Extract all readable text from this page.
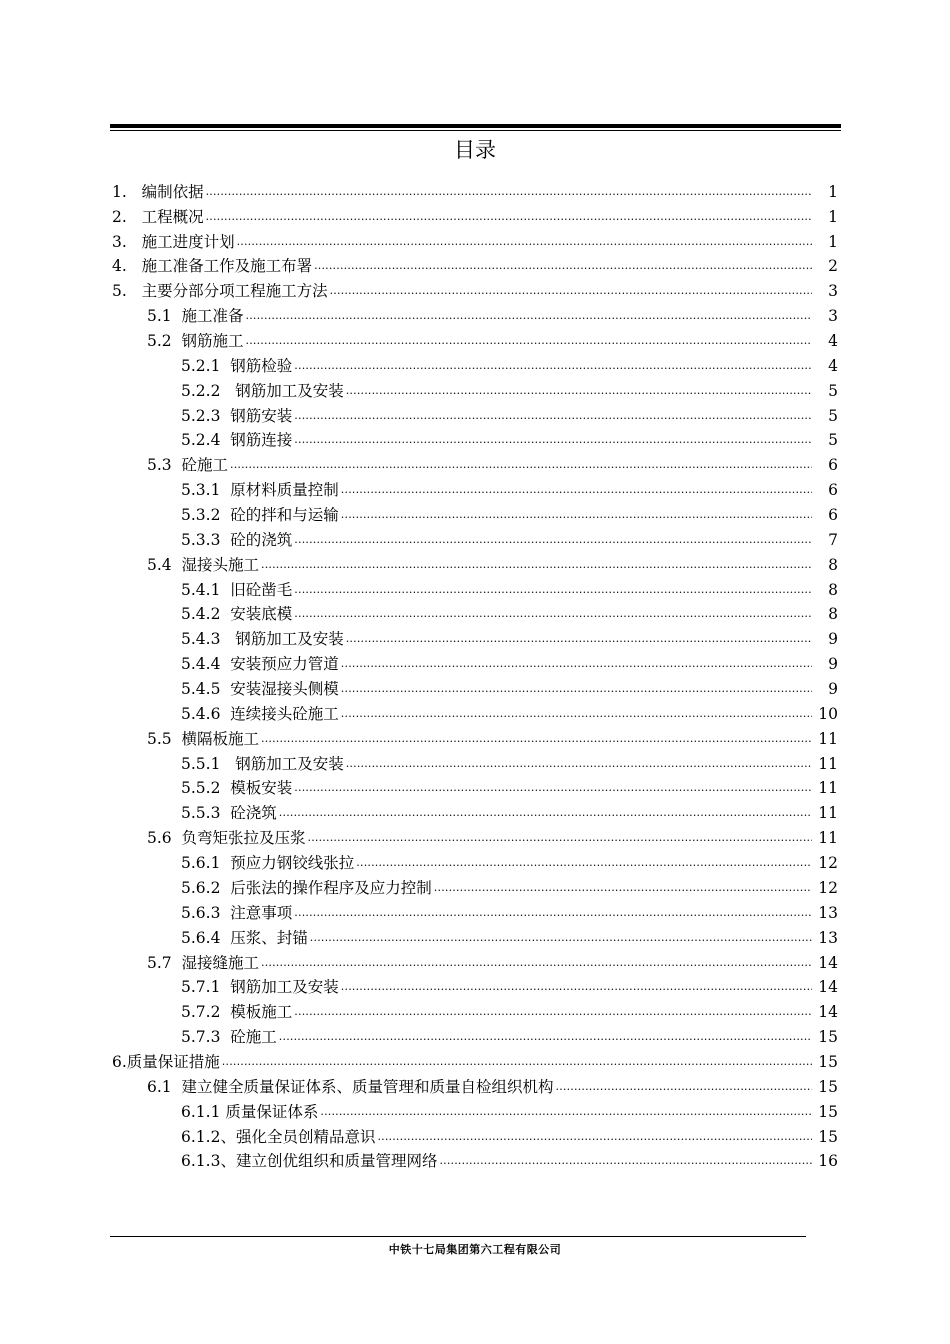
目录
1.   编制依据 .....	1
2.   工程概况 .....	1
3.   施工进度计划 .....	1
4.   施工准备工作及施工布署 .....	2
5.   主要分部分项工程施工方法 .....	3
5.1  施工准备 .....	3
5.2  钢筋施工 .....	4
5.2.1  钢筋检验 .....	4
5.2.2   钢筋加工及安装 .....	5
5.2.3  钢筋安装 .....	5
5.2.4  钢筋连接 .....	5
5.3  砼施工 .....	6
5.3.1  原材料质量控制 .....	6
5.3.2  砼的拌和与运输 .....	6
5.3.3  砼的浇筑 .....	7
5.4  湿接头施工 .....	8
5.4.1  旧砼凿毛 .....	8
5.4.2  安装底模 .....	8
5.4.3   钢筋加工及安装 .....	9
5.4.4  安装预应力管道 .....	9
5.4.5  安装湿接头侧模 .....	9
5.4.6  连续接头砼施工 .....	10
5.5  横隔板施工 .....	11
5.5.1   钢筋加工及安装 .....	11
5.5.2  模板安装 .....	11
5.5.3  砼浇筑 .....	11
5.6  负弯矩张拉及压浆 .....	11
5.6.1  预应力钢铰线张拉 .....	12
5.6.2  后张法的操作程序及应力控制 .....	12
5.6.3  注意事项 .....	13
5.6.4  压浆、封锚 .....	13
5.7  湿接缝施工 .....	14
5.7.1  钢筋加工及安装 .....	14
5.7.2  模板施工 .....	14
5.7.3  砼施工 .....	15
6.质量保证措施 .....	15
6.1  建立健全质量保证体系、质量管理和质量自检组织机构 .....	15
6.1.1 质量保证体系 .....	15
6.1.2、强化全员创精品意识 .....	15
6.1.3、建立创优组织和质量管理网络 .....	16
中铁十七局集团第六工程有限公司
